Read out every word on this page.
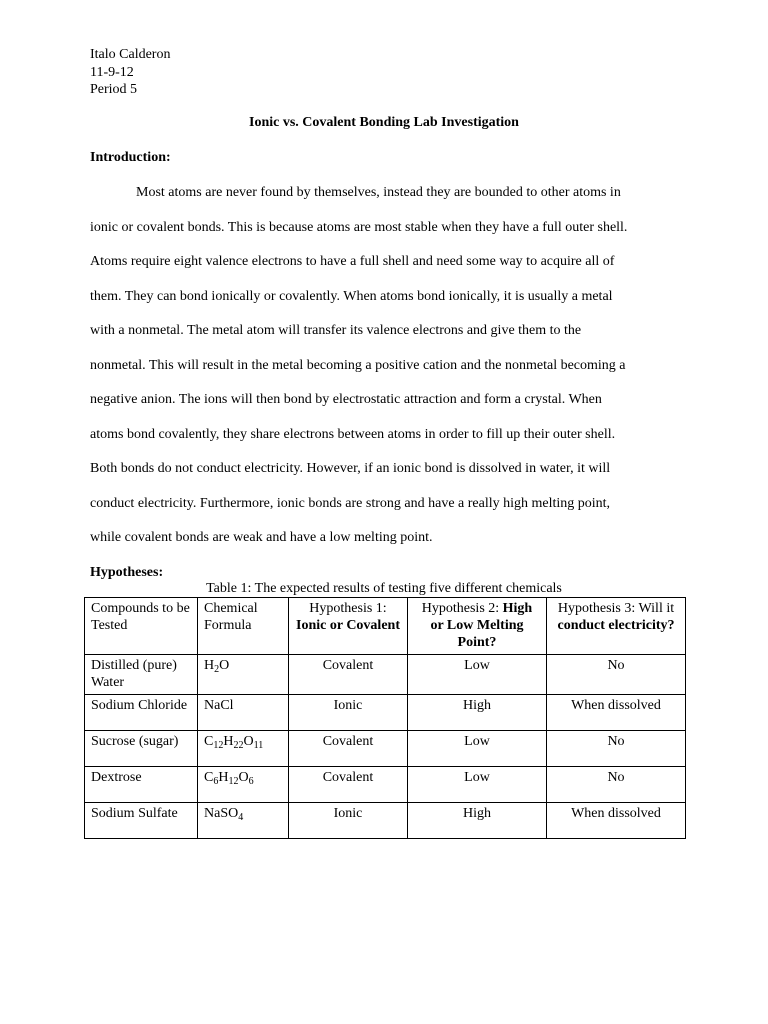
Italo Calderon

11-9-12

Period 5

Ionic vs. Covalent Bonding Lab Investigation
Introduction:

Most atoms are never found by themselves, instead they are bounded to other atoms in

ionic or covalent bonds. This is because atoms are most stable when they have a full outer shell.

Atoms require eight valence electrons to have a full shell and need some way to acquire all of

them. They can bond ionically or covalently. When atoms bond ionically, it is usually a metal

with a nonmetal. The metal atom will transfer its valence electrons and give them to the

nonmetal. This will result in the metal becoming a positive cation and the nonmetal becoming a

negative anion. The ions will then bond by electrostatic attraction and form a crystal. When

atoms bond covalently, they share electrons between atoms in order to fill up their outer shell.

Both bonds do not conduct electricity. However, if an ionic bond is dissolved in water, it will

conduct electricity. Furthermore, ionic bonds are strong and have a really high melting point,

while covalent bonds are weak and have a low melting point.

Hypotheses:

Table 1: The expected results of testing five different chemicals

Compounds to be Tested	Chemical Formula	Hypothesis 1: Ionic or Covalent	Hypothesis 2: High or Low Melting Point?	Hypothesis 3: Will it conduct electricity?
Distilled (pure) Water	$H_2O$	Covalent	Low	No
Sodium Chloride	NaCl	Ionic	High	When dissolved
Sucrose (sugar)	$C_{12}H_{22}O_{11}$	Covalent	Low	No
Dextrose	$C_6H_{12}O_6$	Covalent	Low	No
Sodium Sulfate	NaSO$_4$	Ionic	High	When dissolved
